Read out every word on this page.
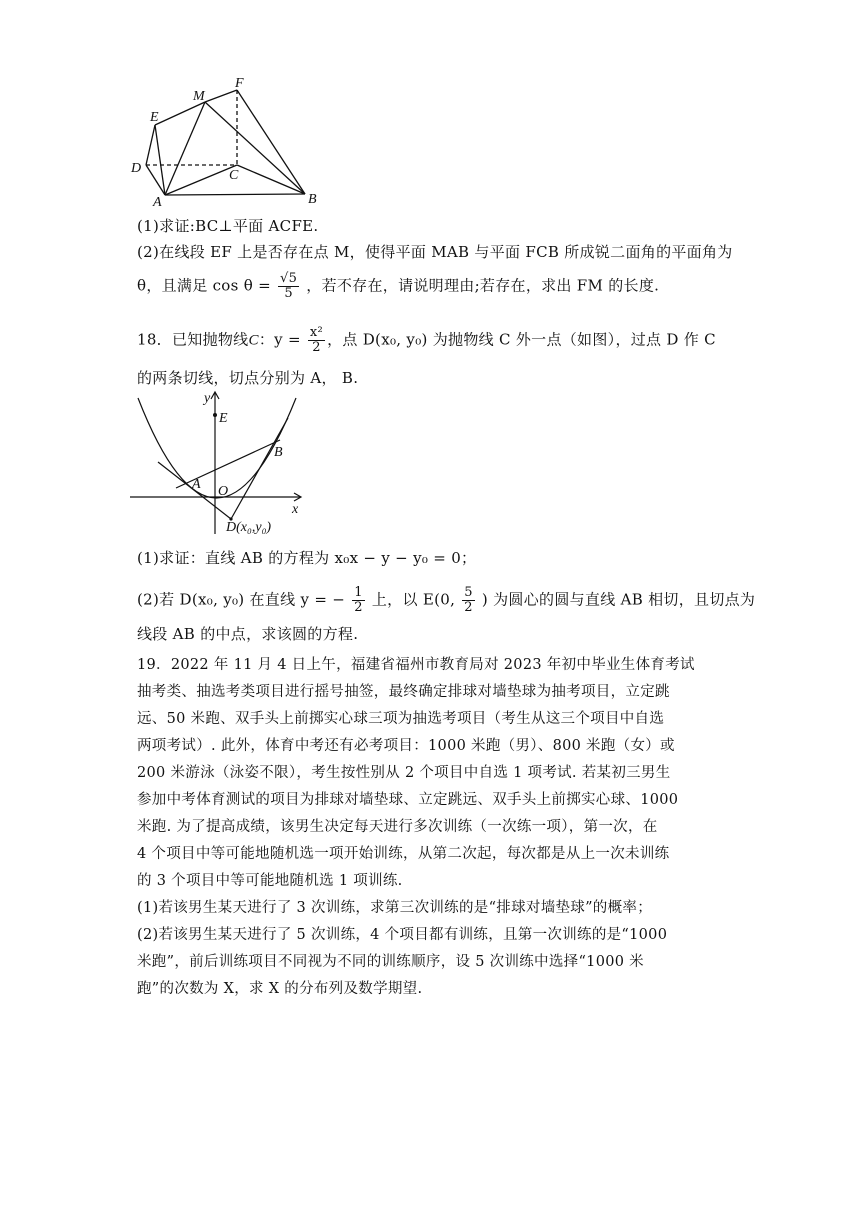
E
M
F
D	C
A	B
(1)求证:BC⊥平面 ACFE.
(2)在线段 EF 上是否存在点 M，使得平面 MAB 与平面 FCB 所成锐二面角的平面角为
θ，且满足 $\cos \theta = \frac{√5}{5}$ ，若不存在，请说明理由;若存在，求出 FM 的长度.
18．已知抛物线C：$y = \frac{\text{x²}}{2}$ ，点 D(x₀, y₀) 为抛物线 C 外一点（如图），过点 D 作 C
的两条切线，切点分别为 A， B.
y
E
B
A O
x
D(x₀,y₀)
(1)求证：直线 AB 的方程为 x₀x − y − y₀ = 0；
(2)若 D(x₀, y₀) 在直线 y = − $\frac{1}{2}$ 上，以 E(0, $\frac{5}{2}$ ) 为圆心的圆与直线 AB 相切，且切点为
线段 AB 的中点，求该圆的方程.
19．2022 年 11 月 4 日上午，福建省福州市教育局对 2023 年初中毕业生体育考试
抽考类、抽选考类项目进行摇号抽签，最终确定排球对墙垫球为抽考项目，立定跳
远、50 米跑、双手头上前掷实心球三项为抽选考项目（考生从这三个项目中自选
两项考试）. 此外，体育中考还有必考项目：1000 米跑（男）、800 米跑（女）或
200 米游泳（泳姿不限），考生按性别从 2 个项目中自选 1 项考试. 若某初三男生
参加中考体育测试的项目为排球对墙垫球、立定跳远、双手头上前掷实心球、1000
米跑. 为了提高成绩，该男生决定每天进行多次训练（一次练一项），第一次，在
4 个项目中等可能地随机选一项开始训练，从第二次起，每次都是从上一次未训练
的 3 个项目中等可能地随机选 1 项训练.
(1)若该男生某天进行了 3 次训练，求第三次训练的是“排球对墙垫球”的概率；
(2)若该男生某天进行了 5 次训练，4 个项目都有训练，且第一次训练的是“1000
米跑”，前后训练项目不同视为不同的训练顺序，设 5 次训练中选择“1000 米
跑”的次数为 X，求 X 的分布列及数学期望.
